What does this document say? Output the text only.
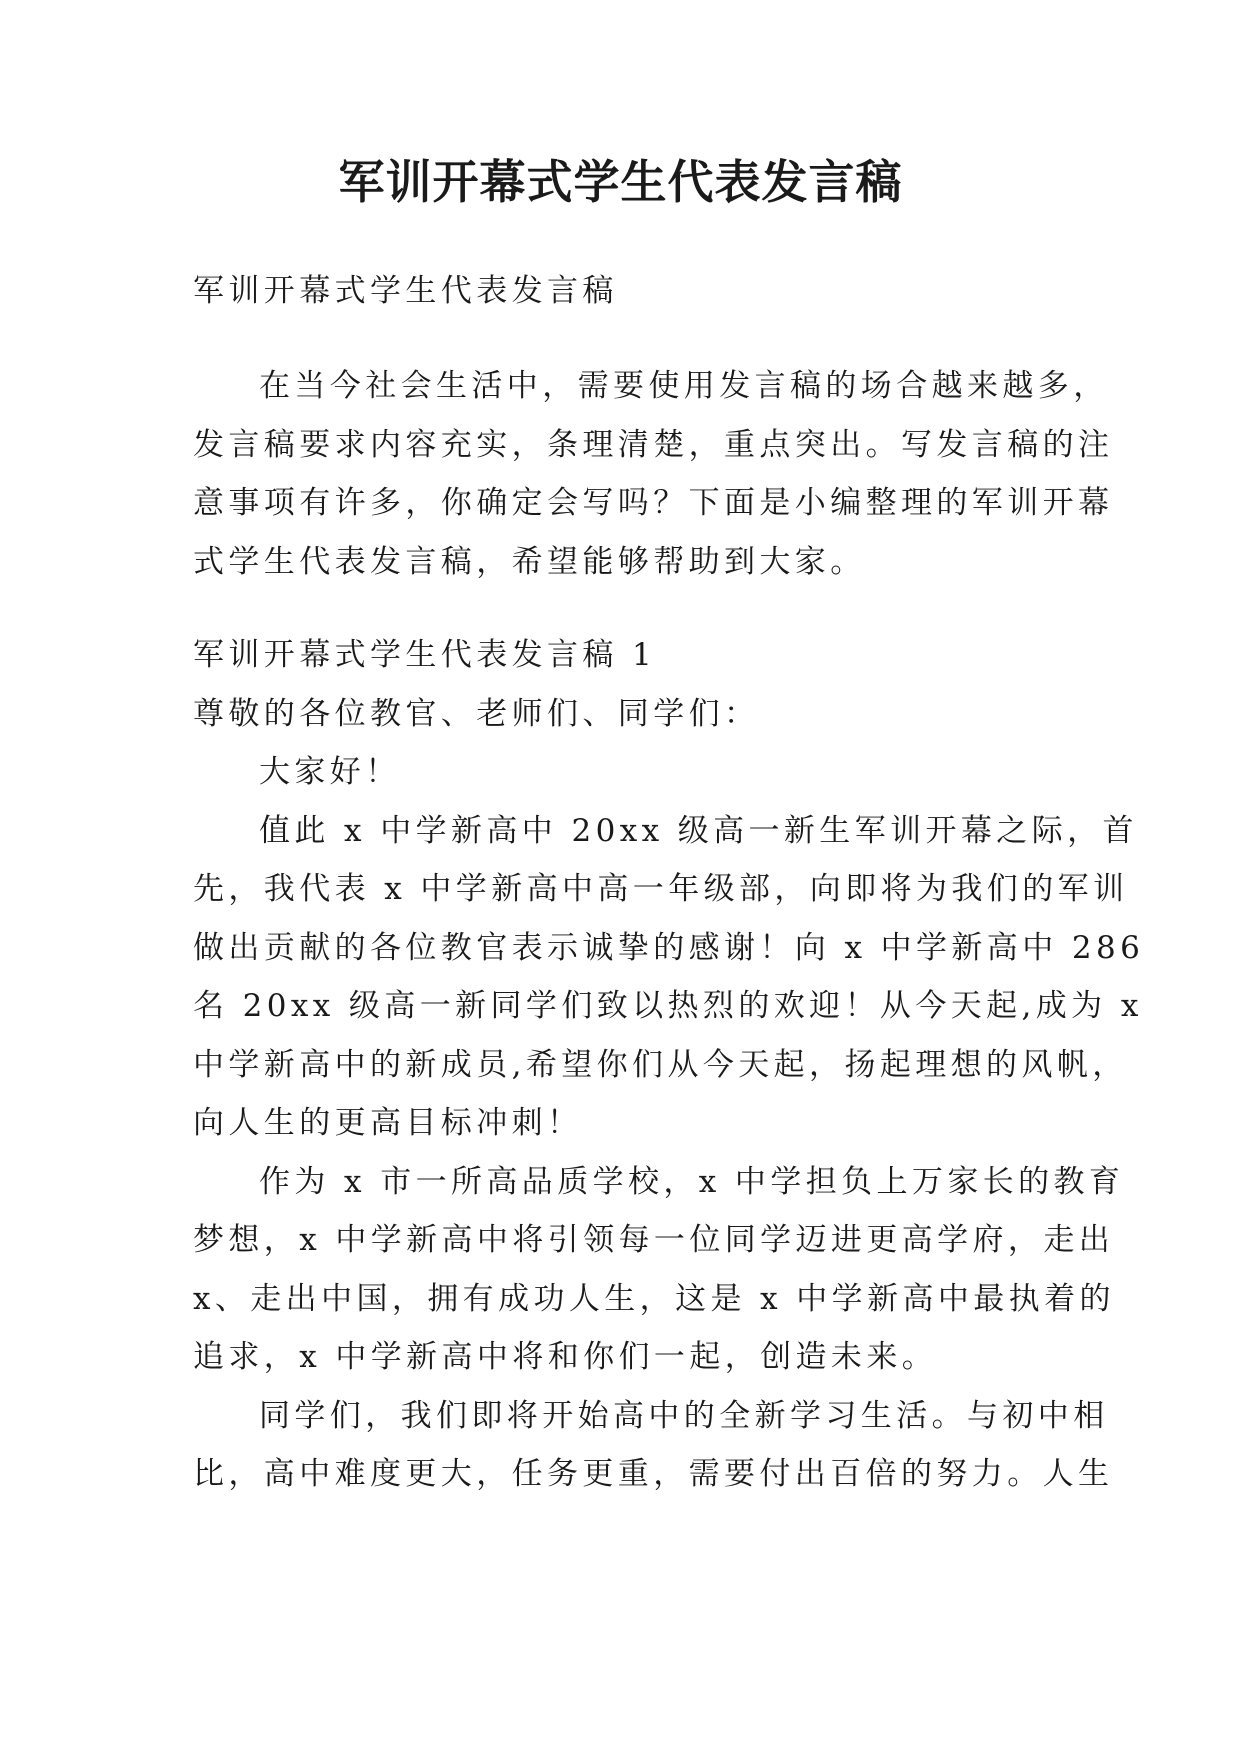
军训开幕式学生代表发言稿

军训开幕式学生代表发言稿

在当今社会生活中，需要使用发言稿的场合越来越多，
发言稿要求内容充实，条理清楚，重点突出。写发言稿的注
意事项有许多，你确定会写吗？下面是小编整理的军训开幕
式学生代表发言稿，希望能够帮助到大家。
军训开幕式学生代表发言稿 1
尊敬的各位教官、老师们、同学们：
大家好！
值此 x 中学新高中 20xx 级高一新生军训开幕之际，首
先，我代表 x 中学新高中高一年级部，向即将为我们的军训
做出贡献的各位教官表示诚挚的感谢！向 x 中学新高中 286
名 20xx 级高一新同学们致以热烈的欢迎！从今天起,成为 x
中学新高中的新成员,希望你们从今天起，扬起理想的风帆，
向人生的更高目标冲刺！
作为 x 市一所高品质学校，x 中学担负上万家长的教育
梦想，x 中学新高中将引领每一位同学迈进更高学府，走出
x、走出中国，拥有成功人生，这是 x 中学新高中最执着的
追求，x 中学新高中将和你们一起，创造未来。
同学们，我们即将开始高中的全新学习生活。与初中相
比，高中难度更大，任务更重，需要付出百倍的努力。人生
